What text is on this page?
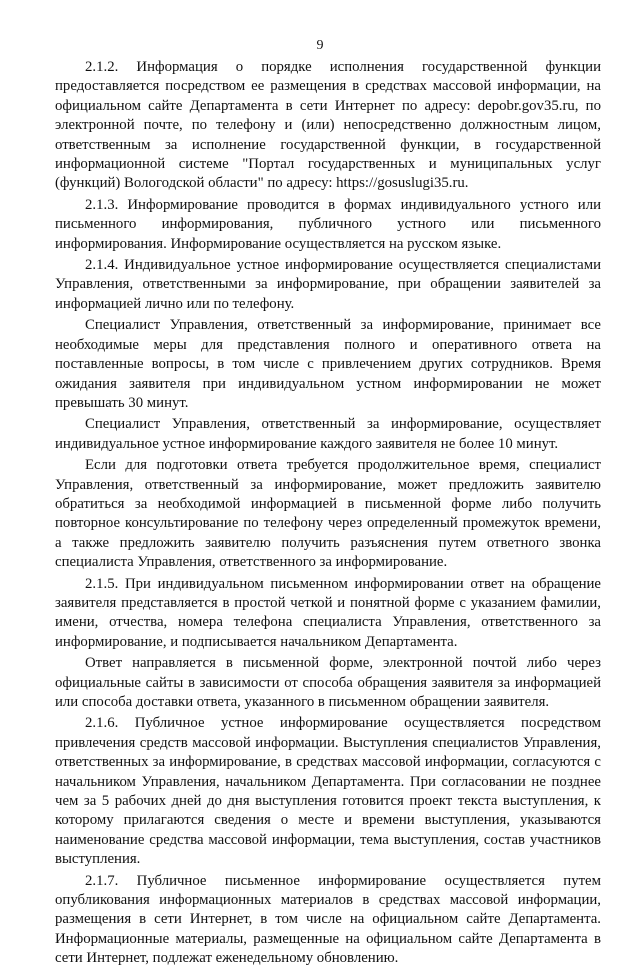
9

2.1.2. Информация о порядке исполнения государственной функции предоставляется посредством ее размещения в средствах массовой информации, на официальном сайте Департамента в сети Интернет по адресу: depobr.gov35.ru, по электронной почте, по телефону и (или) непосредственно должностным лицом, ответственным за исполнение государственной функции, в государственной информационной системе "Портал государственных и муниципальных услуг (функций) Вологодской области" по адресу: https://gosuslugi35.ru.

2.1.3. Информирование проводится в формах индивидуального устного или письменного информирования, публичного устного или письменного информирования. Информирование осуществляется на русском языке.

2.1.4. Индивидуальное устное информирование осуществляется специалистами Управления, ответственными за информирование, при обращении заявителей за информацией лично или по телефону.

Специалист Управления, ответственный за информирование, принимает все необходимые меры для представления полного и оперативного ответа на поставленные вопросы, в том числе с привлечением других сотрудников. Время ожидания заявителя при индивидуальном устном информировании не может превышать 30 минут.

Специалист Управления, ответственный за информирование, осуществляет индивидуальное устное информирование каждого заявителя не более 10 минут.

Если для подготовки ответа требуется продолжительное время, специалист Управления, ответственный за информирование, может предложить заявителю обратиться за необходимой информацией в письменной форме либо получить повторное консультирование по телефону через определенный промежуток времени, а также предложить заявителю получить разъяснения путем ответного звонка специалиста Управления, ответственного за информирование.

2.1.5. При индивидуальном письменном информировании ответ на обращение заявителя представляется в простой четкой и понятной форме с указанием фамилии, имени, отчества, номера телефона специалиста Управления, ответственного за информирование, и подписывается начальником Департамента.

Ответ направляется в письменной форме, электронной почтой либо через официальные сайты в зависимости от способа обращения заявителя за информацией или способа доставки ответа, указанного в письменном обращении заявителя.

2.1.6. Публичное устное информирование осуществляется посредством привлечения средств массовой информации. Выступления специалистов Управления, ответственных за информирование, в средствах массовой информации, согласуются с начальником Управления, начальником Департамента. При согласовании не позднее чем за 5 рабочих дней до дня выступления готовится проект текста выступления, к которому прилагаются сведения о месте и времени выступления, указываются наименование средства массовой информации, тема выступления, состав участников выступления.

2.1.7. Публичное письменное информирование осуществляется путем опубликования информационных материалов в средствах массовой информации, размещения в сети Интернет, в том числе на официальном сайте Департамента. Информационные материалы, размещенные на официальном сайте Департамента в сети Интернет, подлежат еженедельному обновлению.
